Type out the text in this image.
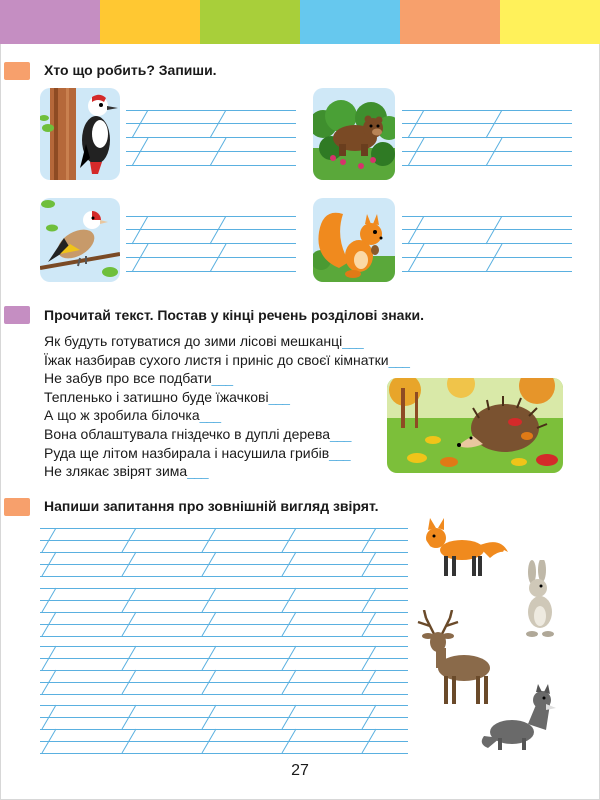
Хто що робить? Запиши.
Прочитай текст. Постав у кінці речень розділові знаки.
Як будуть готуватися до зими лісові мешканці___
Їжак назбирав сухого листя і приніс до своєї кімнатки___
Не забув про все подбати___
Тепленько і затишно буде їжачкові___
А що ж зробила білочка___
Вона облаштувала гніздечко в дуплі дерева___
Руда ще літом назбирала і насушила грибів___
Не злякає звірят зима___
Напиши запитання про зовнішній вигляд звірят.
27
